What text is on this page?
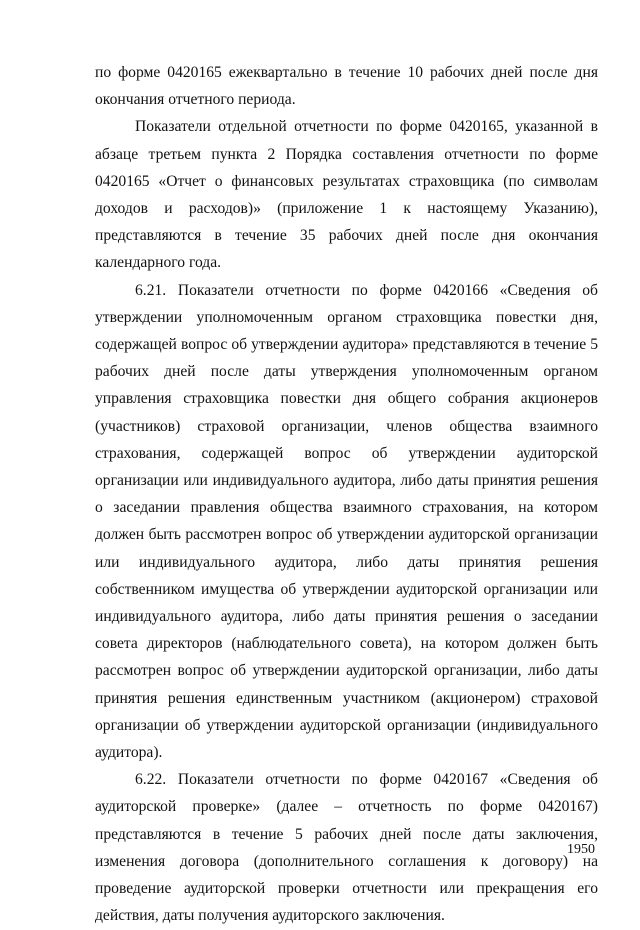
по форме 0420165 ежеквартально в течение 10 рабочих дней после дня окончания отчетного периода.

Показатели отдельной отчетности по форме 0420165, указанной в абзаце третьем пункта 2 Порядка составления отчетности по форме 0420165 «Отчет о финансовых результатах страховщика (по символам доходов и расходов)» (приложение 1 к настоящему Указанию), представляются в течение 35 рабочих дней после дня окончания календарного года.

6.21. Показатели отчетности по форме 0420166 «Сведения об утверждении уполномоченным органом страховщика повестки дня, содержащей вопрос об утверждении аудитора» представляются в течение 5 рабочих дней после даты утверждения уполномоченным органом управления страховщика повестки дня общего собрания акционеров (участников) страховой организации, членов общества взаимного страхования, содержащей вопрос об утверждении аудиторской организации или индивидуального аудитора, либо даты принятия решения о заседании правления общества взаимного страхования, на котором должен быть рассмотрен вопрос об утверждении аудиторской организации или индивидуального аудитора, либо даты принятия решения собственником имущества об утверждении аудиторской организации или индивидуального аудитора, либо даты принятия решения о заседании совета директоров (наблюдательного совета), на котором должен быть рассмотрен вопрос об утверждении аудиторской организации, либо даты принятия решения единственным участником (акционером) страховой организации об утверждении аудиторской организации (индивидуального аудитора).

6.22. Показатели отчетности по форме 0420167 «Сведения об аудиторской проверке» (далее – отчетность по форме 0420167) представляются в течение 5 рабочих дней после даты заключения, изменения договора (дополнительного соглашения к договору) на проведение аудиторской проверки отчетности или прекращения его действия, даты получения аудиторского заключения.

1950
